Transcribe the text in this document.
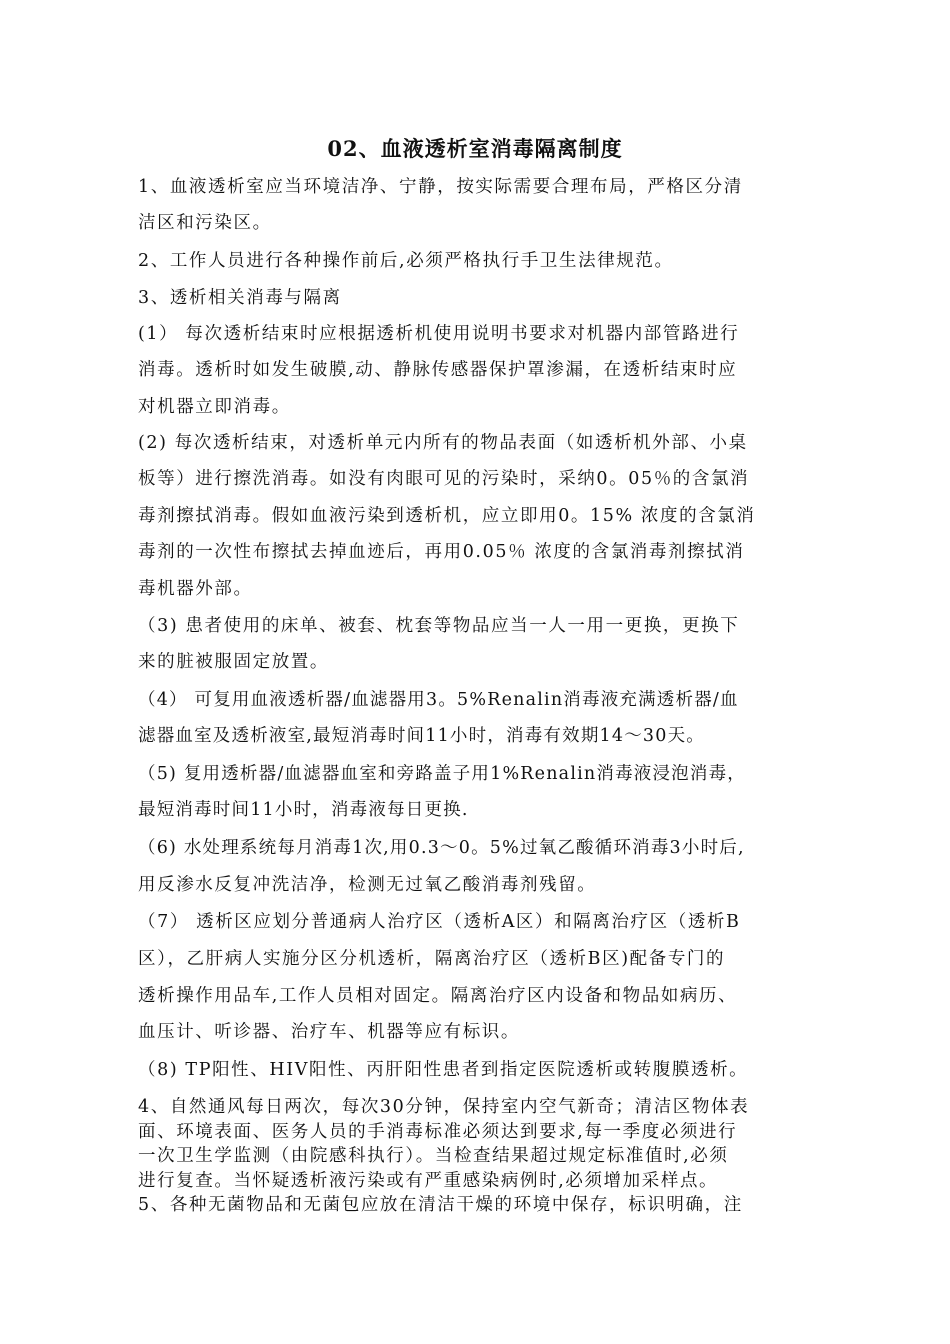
02、血液透析室消毒隔离制度
1、血液透析室应当环境洁净、宁静，按实际需要合理布局，严格区分清
洁区和污染区。
2、工作人员进行各种操作前后,必须严格执行手卫生法律规范。
3、透析相关消毒与隔离
(1） 每次透析结束时应根据透析机使用说明书要求对机器内部管路进行
消毒。透析时如发生破膜,动、静脉传感器保护罩渗漏，在透析结束时应
对机器立即消毒。
(2) 每次透析结束，对透析单元内所有的物品表面（如透析机外部、小桌
板等）进行擦洗消毒。如没有肉眼可见的污染时，采纳0。05％的含氯消
毒剂擦拭消毒。假如血液污染到透析机，应立即用0。15% 浓度的含氯消
毒剂的一次性布擦拭去掉血迹后，再用0.05％ 浓度的含氯消毒剂擦拭消
毒机器外部。
（3) 患者使用的床单、被套、枕套等物品应当一人一用一更换，更换下
来的脏被服固定放置。
（4） 可复用血液透析器/血滤器用3。5%Renalin消毒液充满透析器/血
滤器血室及透析液室,最短消毒时间11小时，消毒有效期14～30天。
（5) 复用透析器/血滤器血室和旁路盖子用1%Renalin消毒液浸泡消毒，
最短消毒时间11小时，消毒液每日更换.
（6) 水处理系统每月消毒1次,用0.3～0。5%过氧乙酸循环消毒3小时后,
用反渗水反复冲洗洁净，检测无过氧乙酸消毒剂残留。
（7） 透析区应划分普通病人治疗区（透析A区）和隔离治疗区（透析B
区），乙肝病人实施分区分机透析，隔离治疗区（透析B区)配备专门的
透析操作用品车,工作人员相对固定。隔离治疗区内设备和物品如病历、
血压计、听诊器、治疗车、机器等应有标识。
（8) TP阳性、HIV阳性、丙肝阳性患者到指定医院透析或转腹膜透析。
4、自然通风每日两次，每次30分钟，保持室内空气新奇；清洁区物体表
面、环境表面、医务人员的手消毒标准必须达到要求,每一季度必须进行
一次卫生学监测（由院感科执行）。当检查结果超过规定标准值时,必须
进行复查。当怀疑透析液污染或有严重感染病例时,必须增加采样点。
5、各种无菌物品和无菌包应放在清洁干燥的环境中保存，标识明确，注
